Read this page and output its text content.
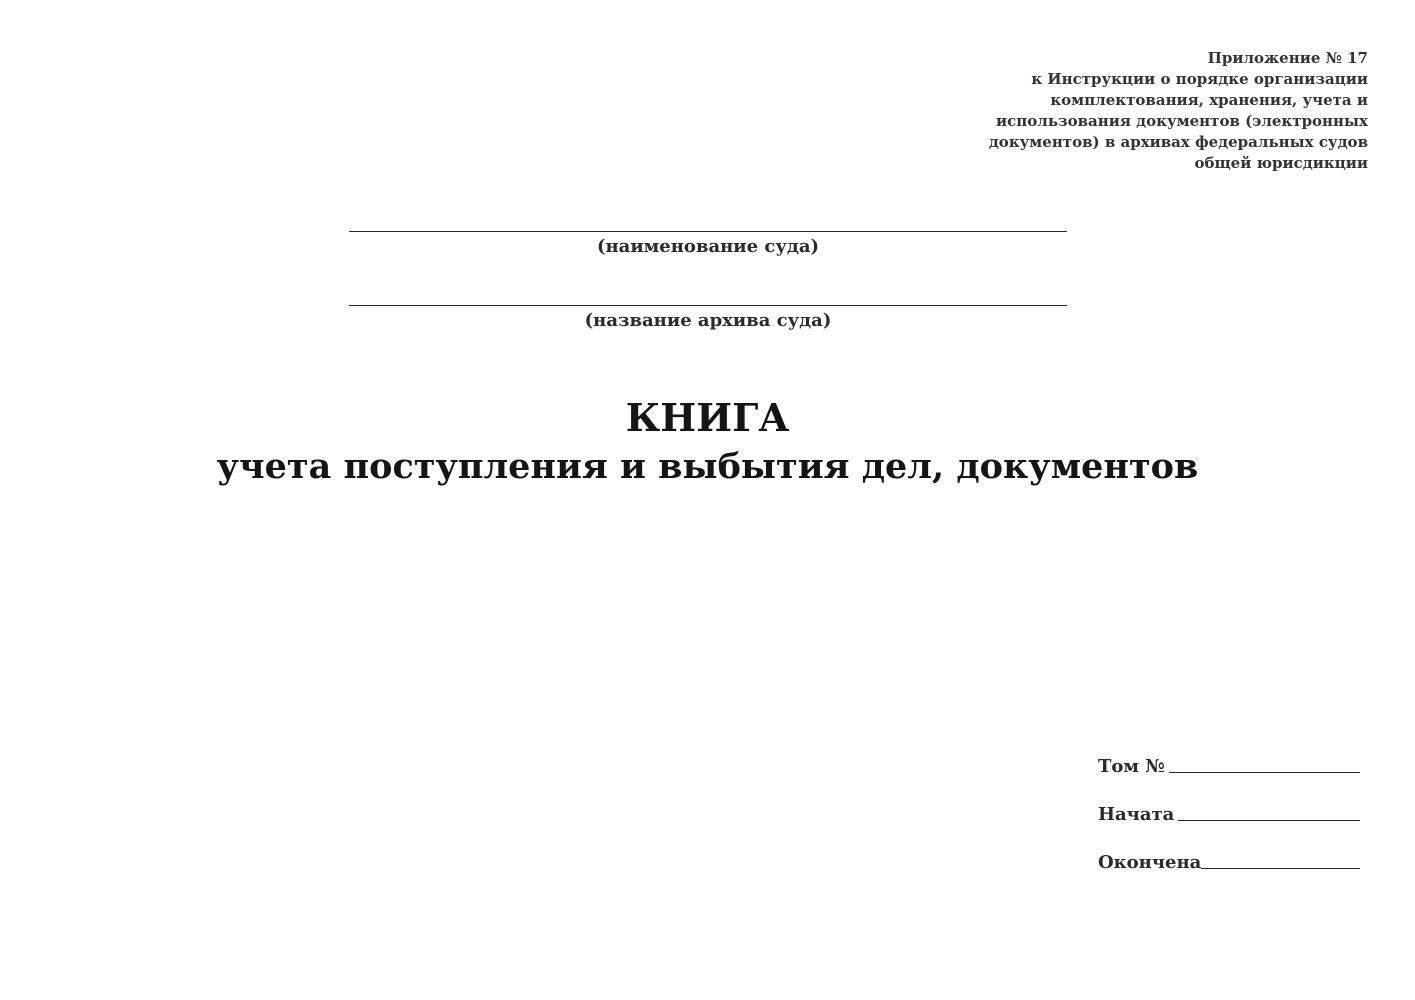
Приложение № 17
к Инструкции о порядке организации
комплектования, хранения, учета и
использования документов (электронных
документов) в архивах федеральных судов
общей юрисдикции
(наименование суда)
(название архива суда)
КНИГА
учета поступления и выбытия дел, документов
Том №
Начата
Окончена
